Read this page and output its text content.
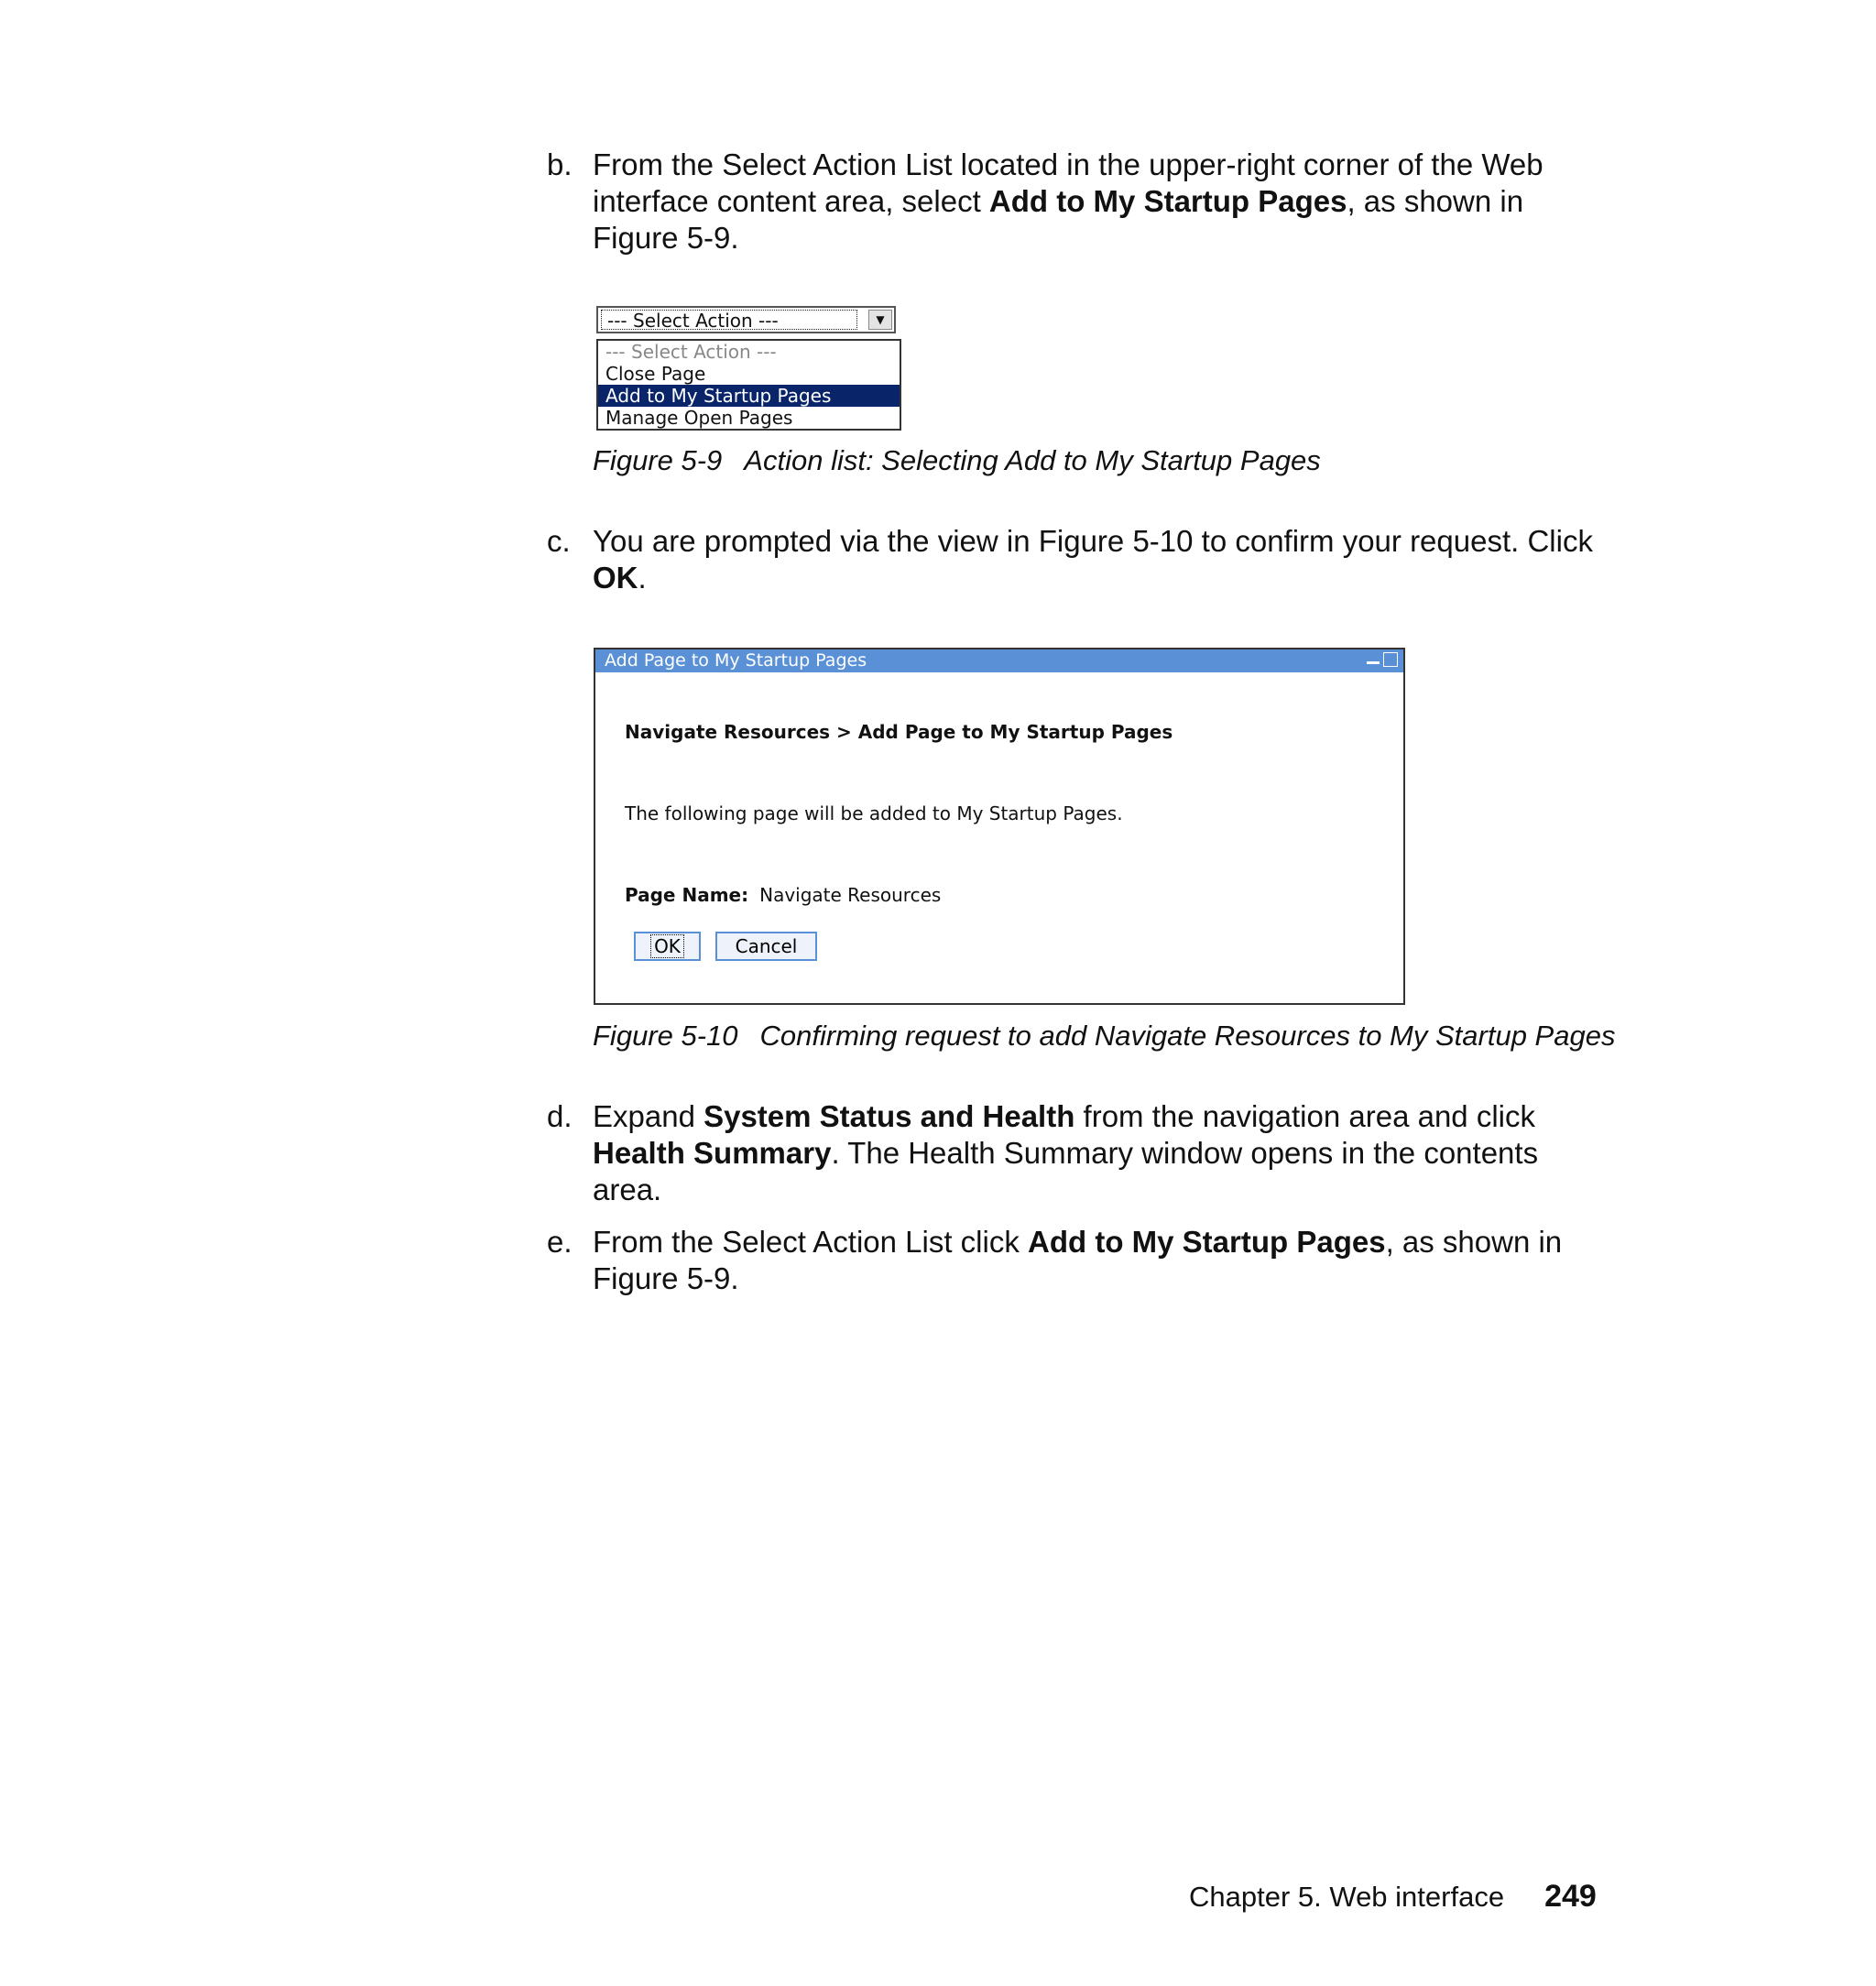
b. From the Select Action List located in the upper-right corner of the Web interface content area, select Add to My Startup Pages, as shown in Figure 5-9.
--- Select Action ---	▼
--- Select Action ---
Close Page
Add to My Startup Pages
Manage Open Pages
Figure 5-9 Action list: Selecting Add to My Startup Pages
c. You are prompted via the view in Figure 5-10 to confirm your request. Click OK.
Add Page to My Startup Pages
Navigate Resources > Add Page to My Startup Pages
The following page will be added to My Startup Pages.
Page Name: Navigate Resources
OK	Cancel
Figure 5-10 Confirming request to add Navigate Resources to My Startup Pages
d. Expand System Status and Health from the navigation area and click Health Summary. The Health Summary window opens in the contents area.
e. From the Select Action List click Add to My Startup Pages, as shown in Figure 5-9.
Chapter 5. Web interface 249
